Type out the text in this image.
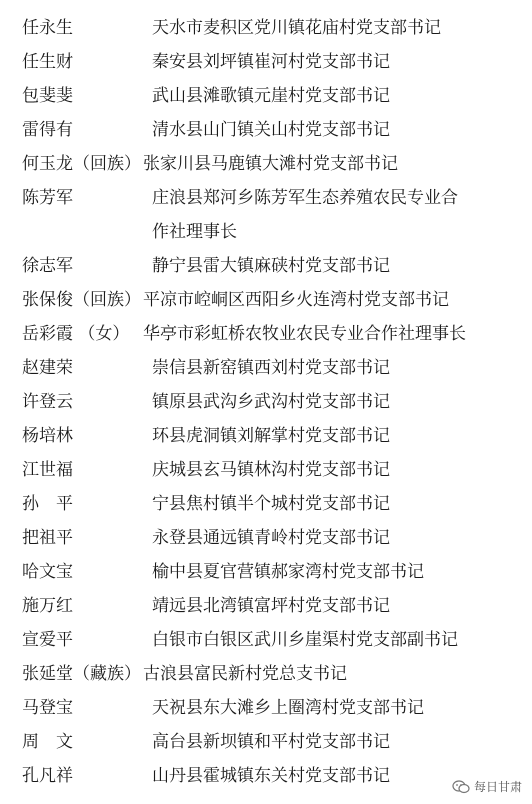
任永生	天水市麦积区党川镇花庙村党支部书记
任生财	秦安县刘坪镇崔河村党支部书记
包斐斐	武山县滩歌镇元崖村党支部书记
雷得有	清水县山门镇关山村党支部书记
何玉龙（回族） 张家川县马鹿镇大滩村党支部书记
陈芳军	庄浪县郑河乡陈芳军生态养殖农民专业合
作社理事长
徐志军	静宁县雷大镇麻硖村党支部书记
张保俊（回族） 平凉市崆峒区西阳乡火连湾村党支部书记
岳彩霞 （女） 华亭市彩虹桥农牧业农民专业合作社理事长
赵建荣	崇信县新窑镇西刘村党支部书记
许登云	镇原县武沟乡武沟村党支部书记
杨培林	环县虎洞镇刘解掌村党支部书记
江世福	庆城县玄马镇林沟村党支部书记
孙　平	宁县焦村镇半个城村党支部书记
把祖平	永登县通远镇青岭村党支部书记
哈文宝	榆中县夏官营镇郝家湾村党支部书记
施万红	靖远县北湾镇富坪村党支部书记
宣爱平	白银市白银区武川乡崖渠村党支部副书记
张延堂（藏族） 古浪县富民新村党总支书记
马登宝	天祝县东大滩乡上圈湾村党支部书记
周　文	高台县新坝镇和平村党支部书记
孔凡祥	山丹县霍城镇东关村党支部书记
每日甘肃
